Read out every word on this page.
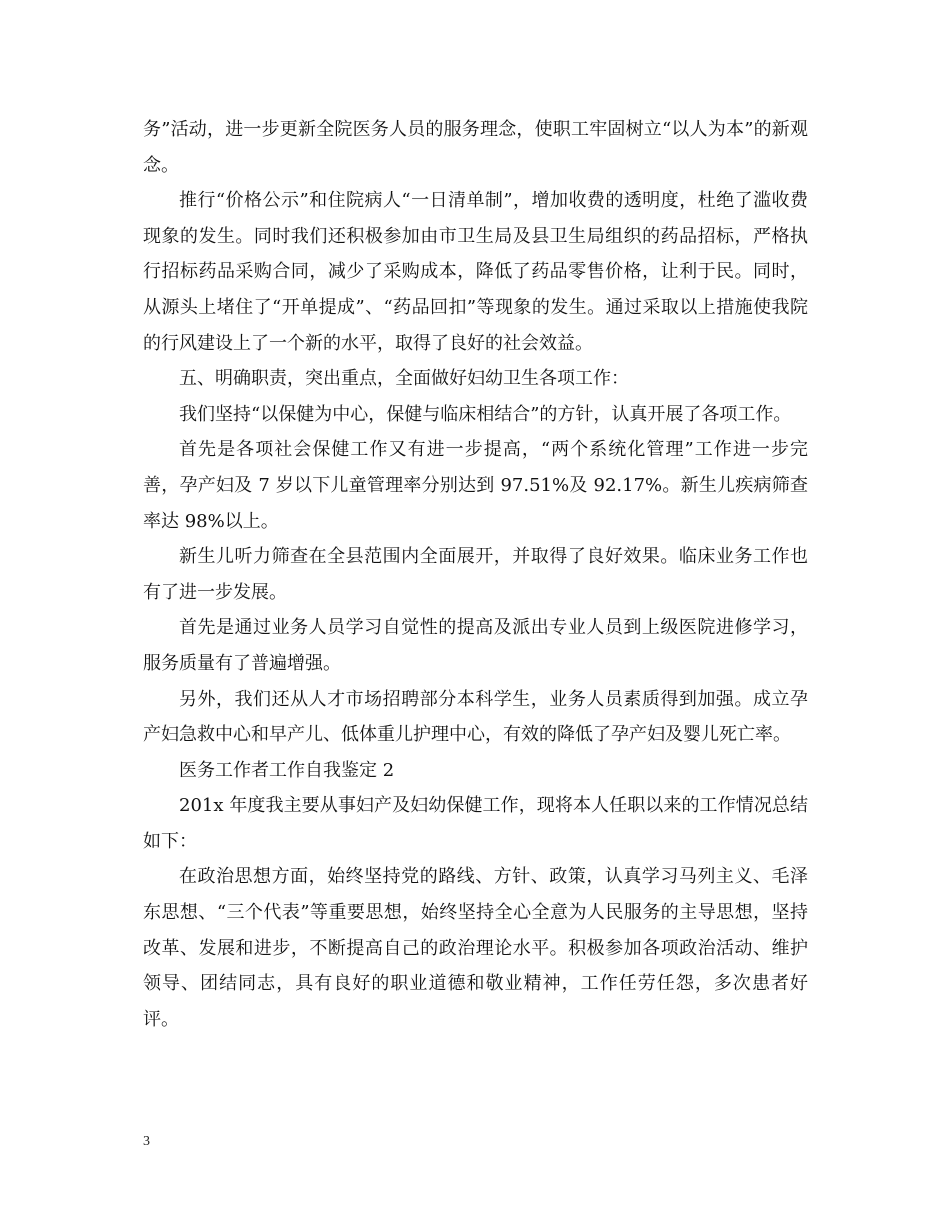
务”活动，进一步更新全院医务人员的服务理念，使职工牢固树立“以人为本”的新观念。

推行“价格公示”和住院病人“一日清单制”，增加收费的透明度，杜绝了滥收费现象的发生。同时我们还积极参加由市卫生局及县卫生局组织的药品招标，严格执行招标药品采购合同，减少了采购成本，降低了药品零售价格，让利于民。同时，从源头上堵住了“开单提成”、“药品回扣”等现象的发生。通过采取以上措施使我院的行风建设上了一个新的水平，取得了良好的社会效益。

五、明确职责，突出重点，全面做好妇幼卫生各项工作：

我们坚持“以保健为中心，保健与临床相结合”的方针，认真开展了各项工作。

首先是各项社会保健工作又有进一步提高，“两个系统化管理”工作进一步完善，孕产妇及 7 岁以下儿童管理率分别达到 97.51%及 92.17%。新生儿疾病筛查率达 98%以上。

新生儿听力筛查在全县范围内全面展开，并取得了良好效果。临床业务工作也有了进一步发展。

首先是通过业务人员学习自觉性的提高及派出专业人员到上级医院进修学习，服务质量有了普遍增强。

另外，我们还从人才市场招聘部分本科学生，业务人员素质得到加强。成立孕产妇急救中心和早产儿、低体重儿护理中心，有效的降低了孕产妇及婴儿死亡率。

医务工作者工作自我鉴定 2

201x 年度我主要从事妇产及妇幼保健工作，现将本人任职以来的工作情况总结如下：

在政治思想方面，始终坚持党的路线、方针、政策，认真学习马列主义、毛泽东思想、“三个代表”等重要思想，始终坚持全心全意为人民服务的主导思想，坚持改革、发展和进步，不断提高自己的政治理论水平。积极参加各项政治活动、维护领导、团结同志，具有良好的职业道德和敬业精神，工作任劳任怨，多次患者好评。

3
